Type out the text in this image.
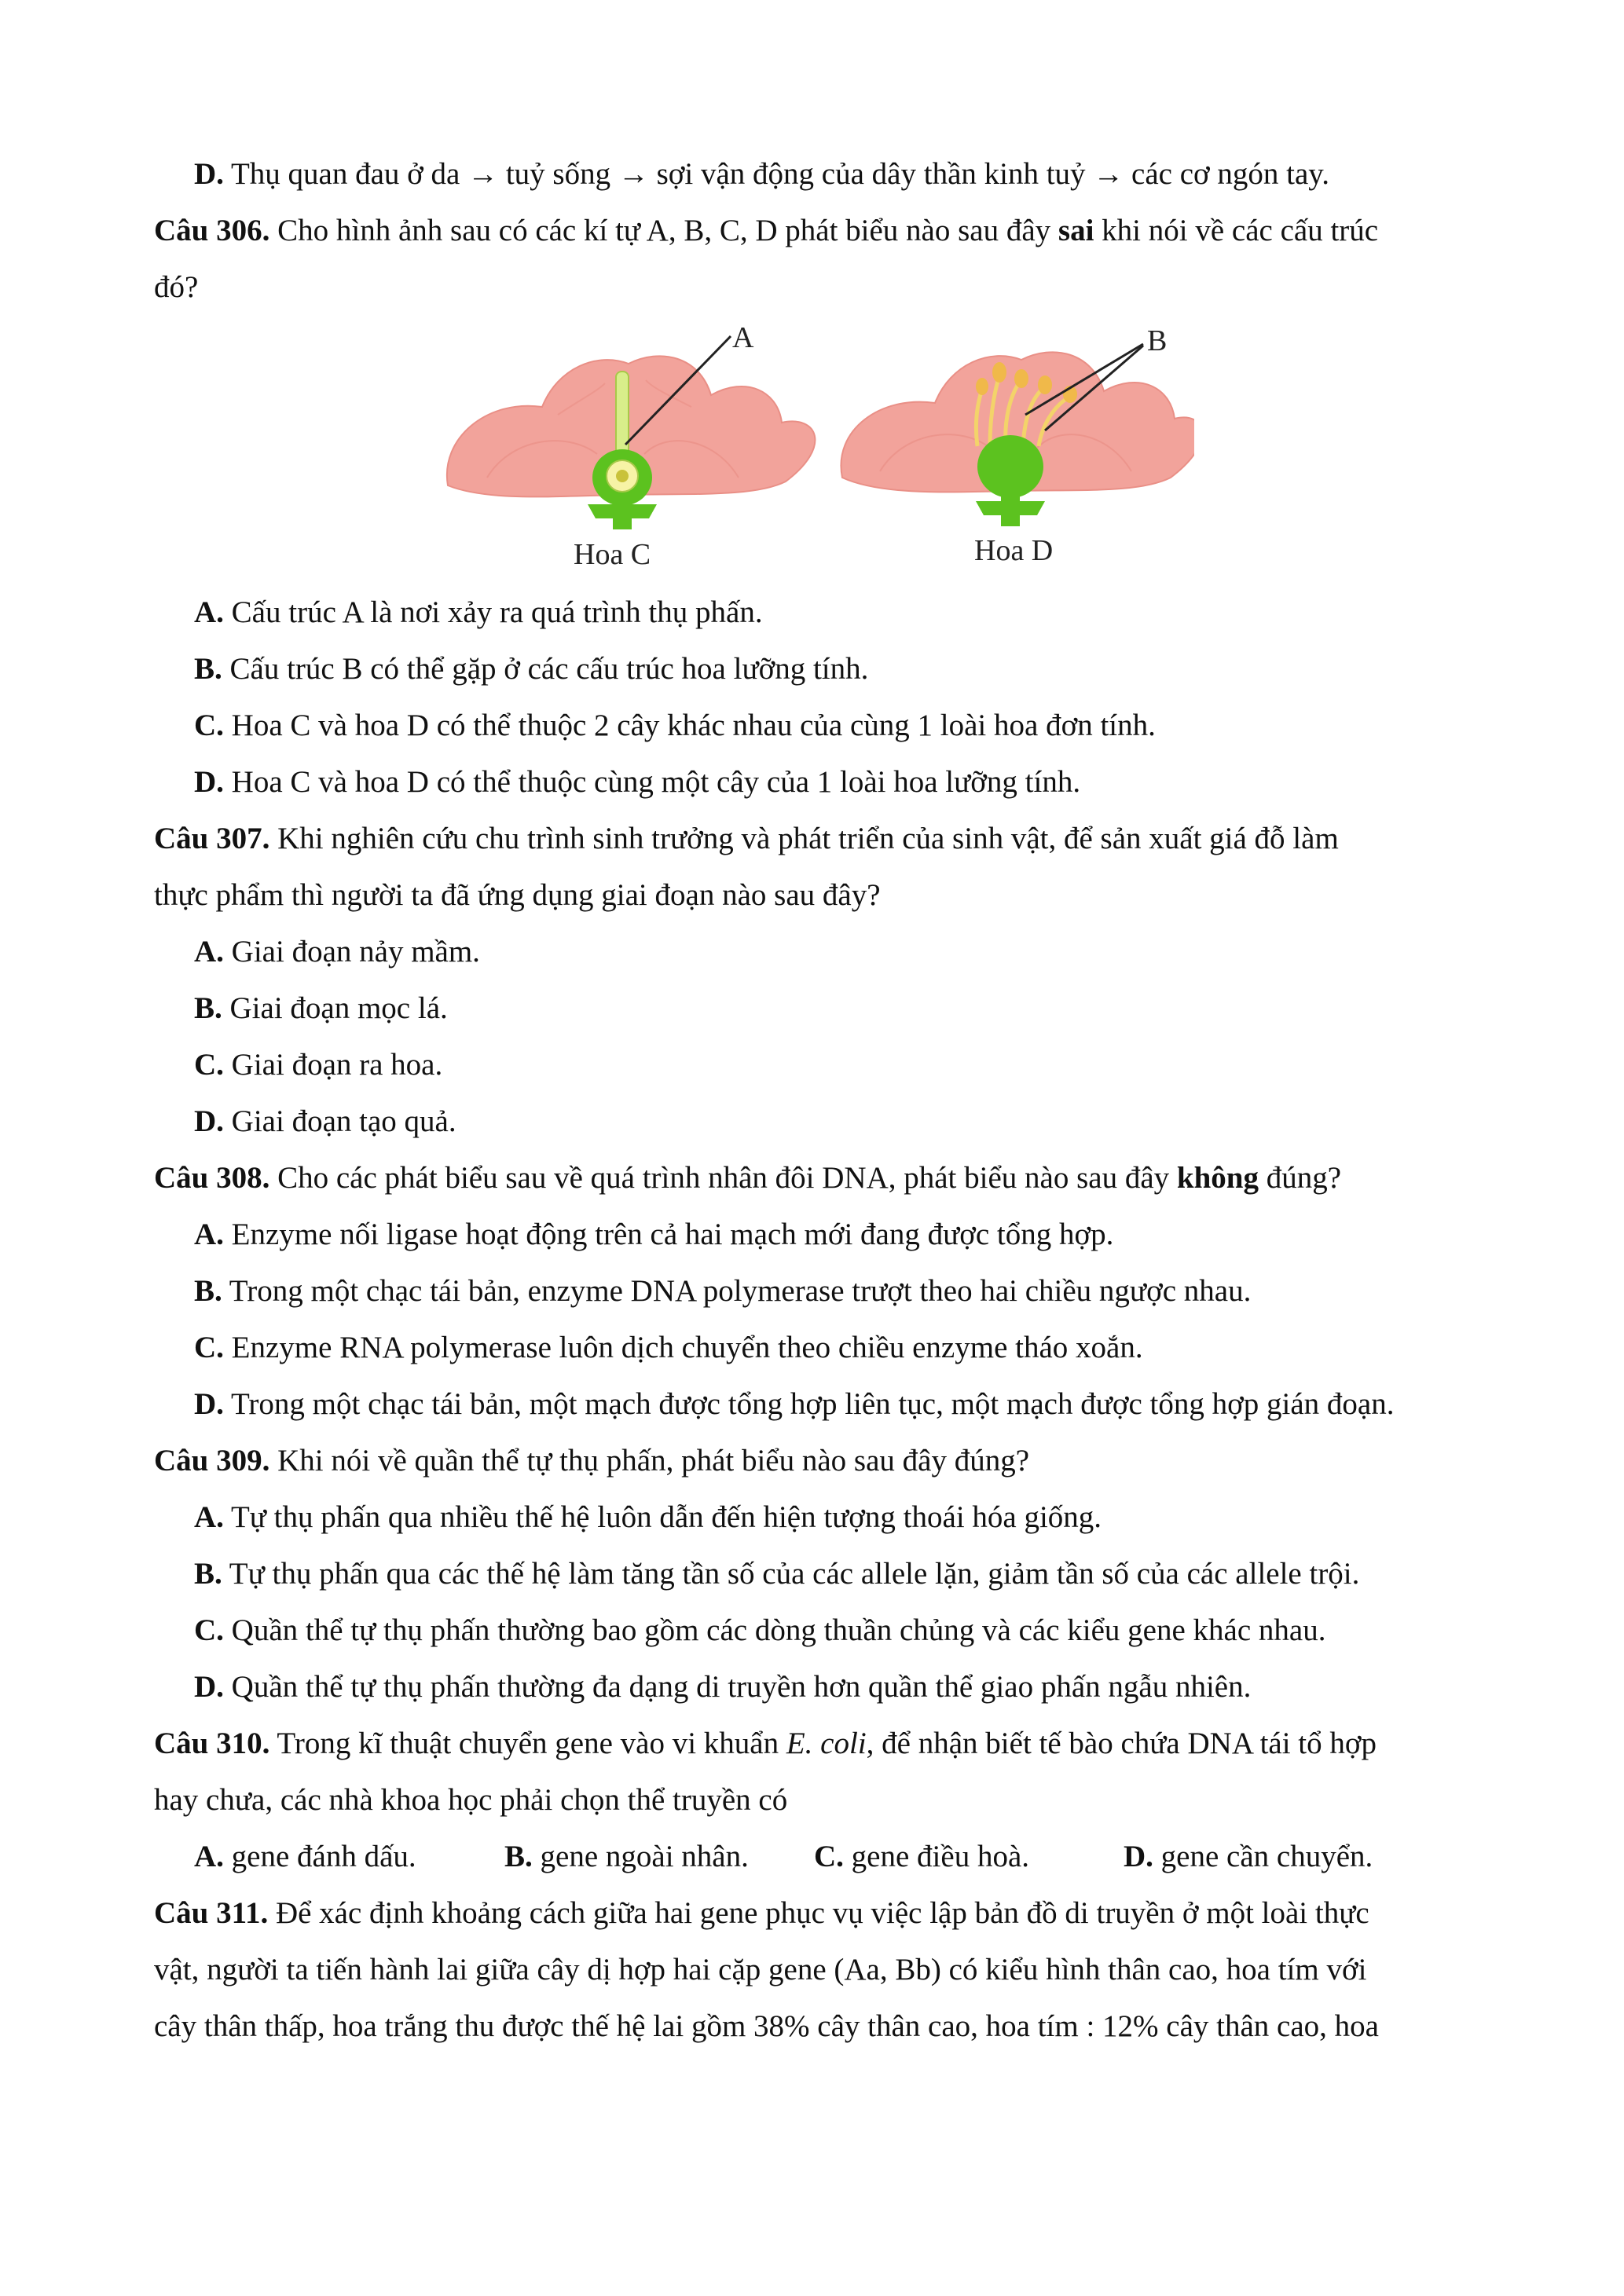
D. Thụ quan đau ở da → tuỷ sống → sợi vận động của dây thần kinh tuỷ → các cơ ngón tay.
Câu 306. Cho hình ảnh sau có các kí tự A, B, C, D phát biểu nào sau đây sai khi nói về các cấu trúc
đó?
A
Hoa C
B
Hoa D
A. Cấu trúc A là nơi xảy ra quá trình thụ phấn.
B. Cấu trúc B có thể gặp ở các cấu trúc hoa lưỡng tính.
C. Hoa C và hoa D có thể thuộc 2 cây khác nhau của cùng 1 loài hoa đơn tính.
D. Hoa C và hoa D có thể thuộc cùng một cây của 1 loài hoa lưỡng tính.
Câu 307. Khi nghiên cứu chu trình sinh trưởng và phát triển của sinh vật, để sản xuất giá đỗ làm
thực phẩm thì người ta đã ứng dụng giai đoạn nào sau đây?
A. Giai đoạn nảy mầm.
B. Giai đoạn mọc lá.
C. Giai đoạn ra hoa.
D. Giai đoạn tạo quả.
Câu 308. Cho các phát biểu sau về quá trình nhân đôi DNA, phát biểu nào sau đây không đúng?
A. Enzyme nối ligase hoạt động trên cả hai mạch mới đang được tổng hợp.
B. Trong một chạc tái bản, enzyme DNA polymerase trượt theo hai chiều ngược nhau.
C. Enzyme RNA polymerase luôn dịch chuyển theo chiều enzyme tháo xoắn.
D. Trong một chạc tái bản, một mạch được tổng hợp liên tục, một mạch được tổng hợp gián đoạn.
Câu 309. Khi nói về quần thể tự thụ phấn, phát biểu nào sau đây đúng?
A. Tự thụ phấn qua nhiều thế hệ luôn dẫn đến hiện tượng thoái hóa giống.
B. Tự thụ phấn qua các thế hệ làm tăng tần số của các allele lặn, giảm tần số của các allele trội.
C. Quần thể tự thụ phấn thường bao gồm các dòng thuần chủng và các kiểu gene khác nhau.
D. Quần thể tự thụ phấn thường đa dạng di truyền hơn quần thể giao phấn ngẫu nhiên.
Câu 310. Trong kĩ thuật chuyển gene vào vi khuẩn E. coli, để nhận biết tế bào chứa DNA tái tổ hợp
hay chưa, các nhà khoa học phải chọn thể truyền có
A. gene đánh dấu.	B. gene ngoài nhân. C. gene điều hoà.	D. gene cần chuyển.
Câu 311. Để xác định khoảng cách giữa hai gene phục vụ việc lập bản đồ di truyền ở một loài thực
vật, người ta tiến hành lai giữa cây dị hợp hai cặp gene (Aa, Bb) có kiểu hình thân cao, hoa tím với
cây thân thấp, hoa trắng thu được thế hệ lai gồm 38% cây thân cao, hoa tím : 12% cây thân cao, hoa
